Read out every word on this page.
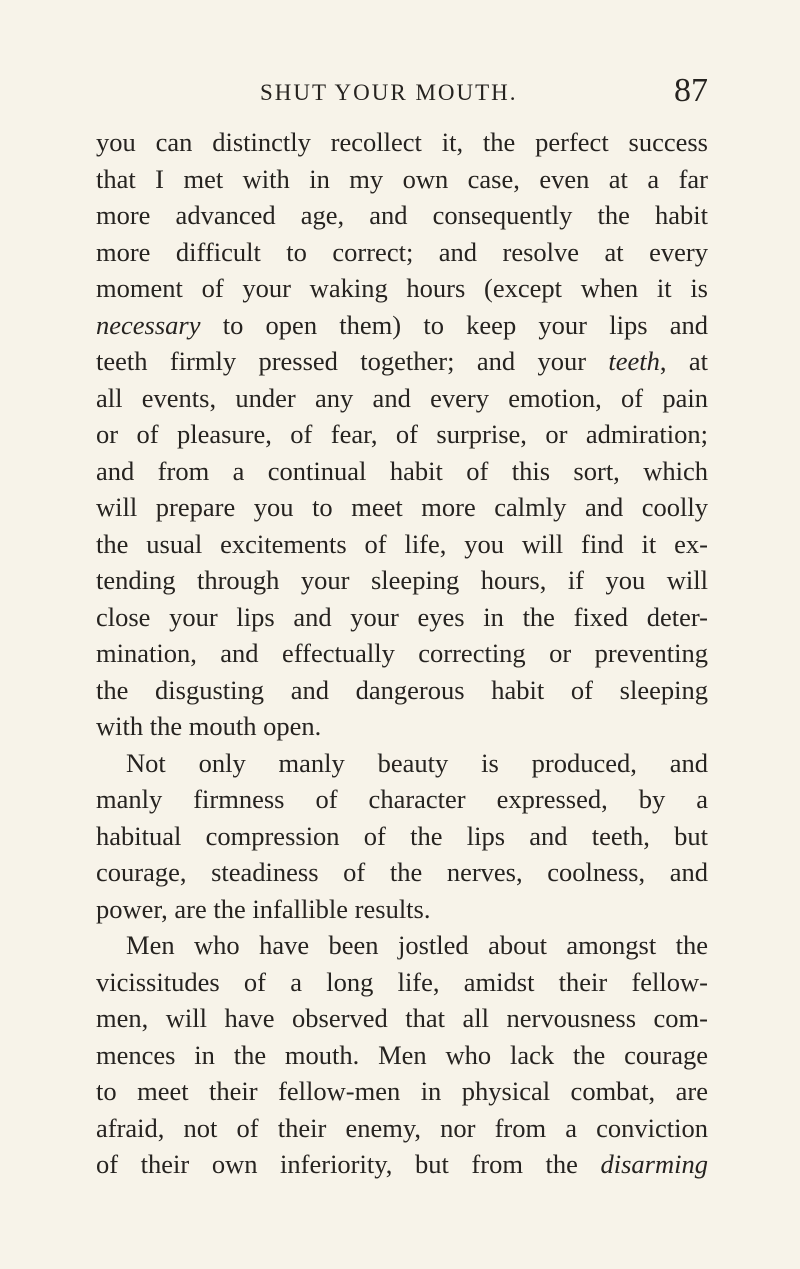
SHUT YOUR MOUTH.	87
you can distinctly recollect it, the perfect success
that I met with in my own case, even at a far
more advanced age, and consequently the habit
more difficult to correct; and resolve at every
moment of your waking hours (except when it is
necessary to open them) to keep your lips and
teeth firmly pressed together; and your teeth, at
all events, under any and every emotion, of pain
or of pleasure, of fear, of surprise, or admiration;
and from a continual habit of this sort, which
will prepare you to meet more calmly and coolly
the usual excitements of life, you will find it ex-
tending through your sleeping hours, if you will
close your lips and your eyes in the fixed deter-
mination, and effectually correcting or preventing
the disgusting and dangerous habit of sleeping
with the mouth open.
Not only manly beauty is produced, and
manly firmness of character expressed, by a
habitual compression of the lips and teeth, but
courage, steadiness of the nerves, coolness, and
power, are the infallible results.
Men who have been jostled about amongst the
vicissitudes of a long life, amidst their fellow-
men, will have observed that all nervousness com-
mences in the mouth. Men who lack the courage
to meet their fellow-men in physical combat, are
afraid, not of their enemy, nor from a conviction
of their own inferiority, but from the disarming
